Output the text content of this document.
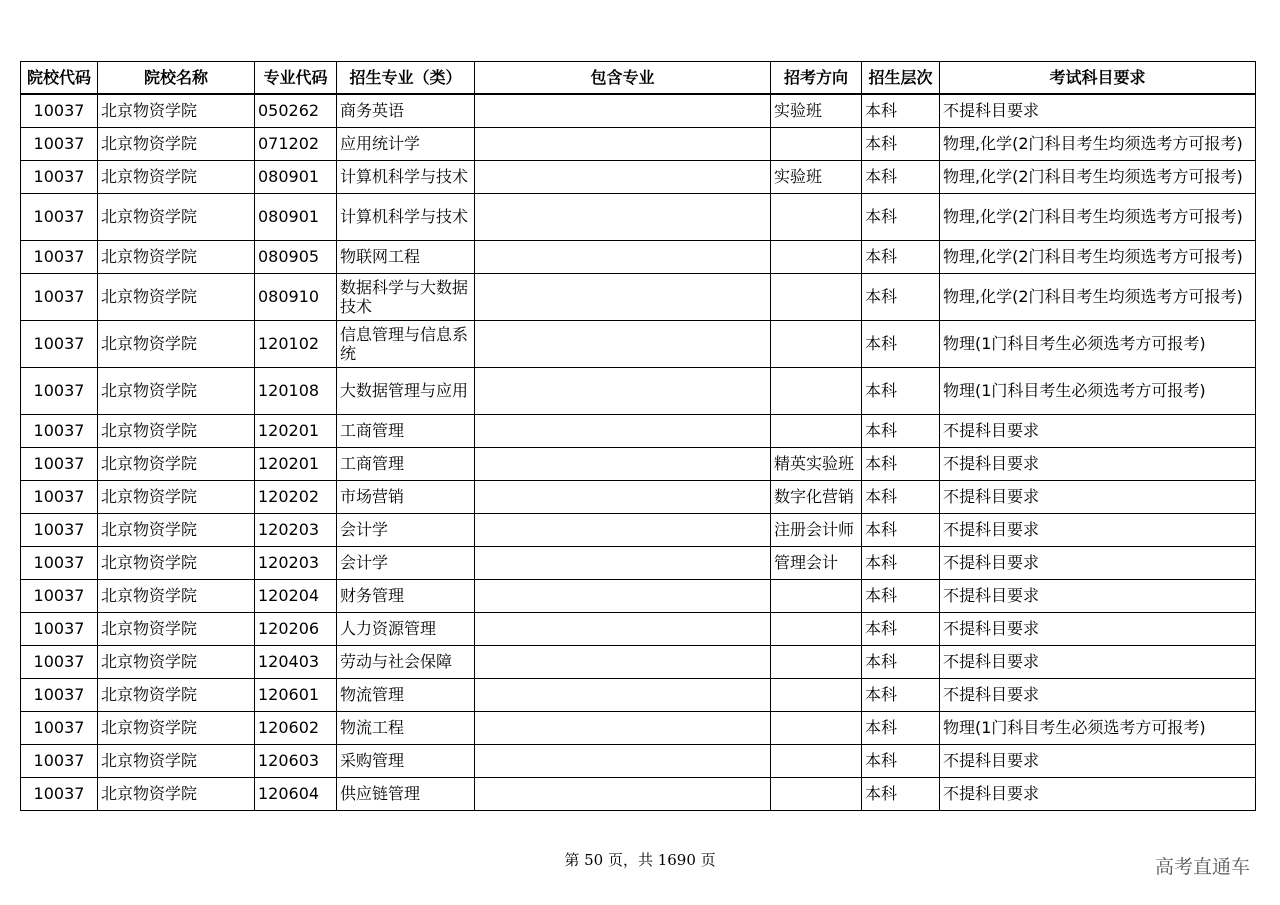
院校代码	院校名称	专业代码	招生专业（类）	包含专业	招考方向	招生层次	考试科目要求
10037	北京物资学院	050262	商务英语		实验班	本科	不提科目要求
10037	北京物资学院	071202	应用统计学			本科	物理,化学(2门科目考生均须选考方可报考)
10037	北京物资学院	080901	计算机科学与技术		实验班	本科	物理,化学(2门科目考生均须选考方可报考)
10037	北京物资学院	080901	计算机科学与技术			本科	物理,化学(2门科目考生均须选考方可报考)
10037	北京物资学院	080905	物联网工程			本科	物理,化学(2门科目考生均须选考方可报考)
10037	北京物资学院	080910	数据科学与大数据技术			本科	物理,化学(2门科目考生均须选考方可报考)
10037	北京物资学院	120102	信息管理与信息系统			本科	物理(1门科目考生必须选考方可报考)
10037	北京物资学院	120108	大数据管理与应用			本科	物理(1门科目考生必须选考方可报考)
10037	北京物资学院	120201	工商管理			本科	不提科目要求
10037	北京物资学院	120201	工商管理		精英实验班	本科	不提科目要求
10037	北京物资学院	120202	市场营销		数字化营销	本科	不提科目要求
10037	北京物资学院	120203	会计学		注册会计师	本科	不提科目要求
10037	北京物资学院	120203	会计学		管理会计	本科	不提科目要求
10037	北京物资学院	120204	财务管理			本科	不提科目要求
10037	北京物资学院	120206	人力资源管理			本科	不提科目要求
10037	北京物资学院	120403	劳动与社会保障			本科	不提科目要求
10037	北京物资学院	120601	物流管理			本科	不提科目要求
10037	北京物资学院	120602	物流工程			本科	物理(1门科目考生必须选考方可报考)
10037	北京物资学院	120603	采购管理			本科	不提科目要求
10037	北京物资学院	120604	供应链管理			本科	不提科目要求
第 50 页，共 1690 页	高考直通车
